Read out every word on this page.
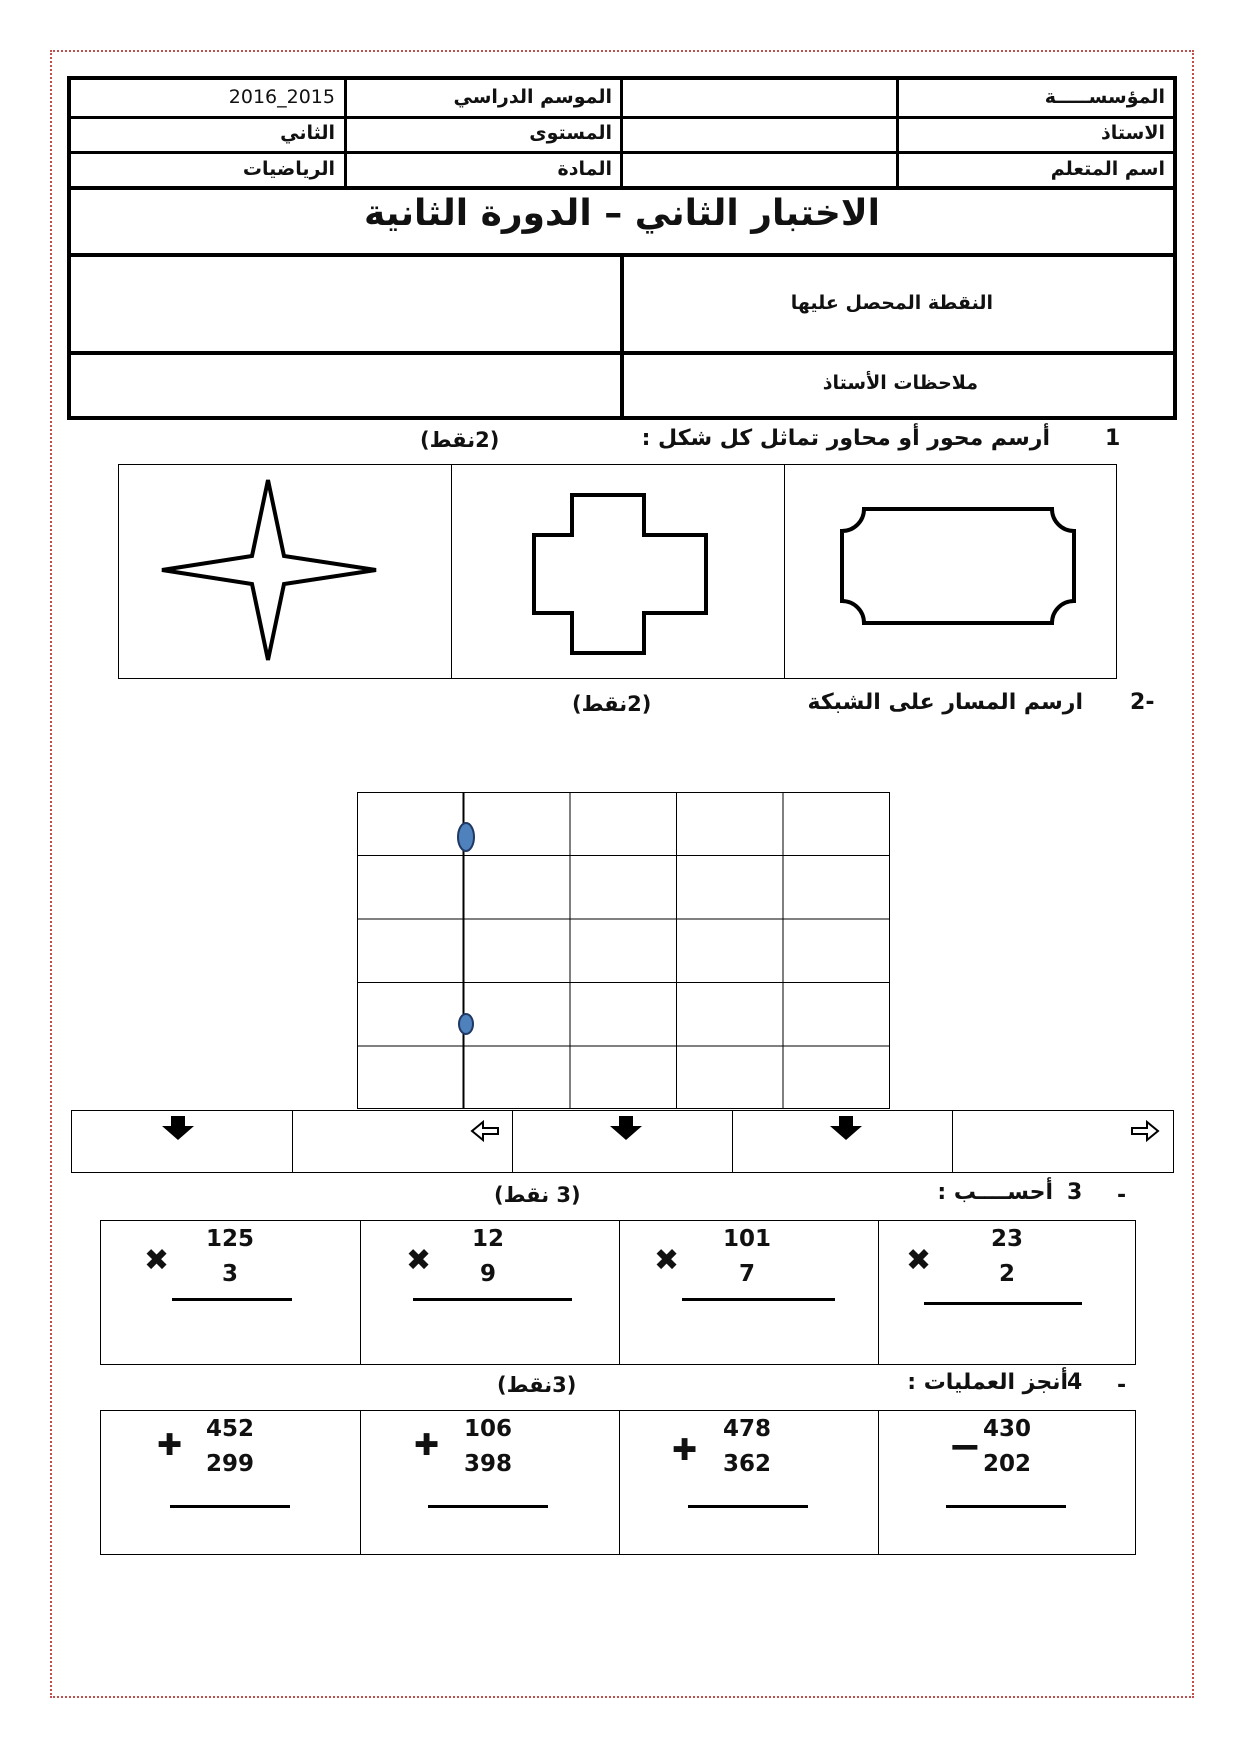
المؤسســـــة
الموسم الدراسي
2016_2015
الاستاذ
المستوى
الثاني
اسم المتعلم
المادة
الرياضيات
الاختبار الثاني – الدورة الثانية
النقطة المحصل عليها
ملاحظات الأستاذ
1
أرسم محور أو محاور تماثل كل شكل :
(2نقط)
-2
ارسم المسار على الشبكة
(2نقط)
-
3
أحســــب :
(3 نقط)
23
2
✖
101
7
✖
12
9
✖
125
3
✖
-
4
أنجز العمليات :
(3نقط)
430
202
−
478
362
✚
106
398
✚
452
299
✚
